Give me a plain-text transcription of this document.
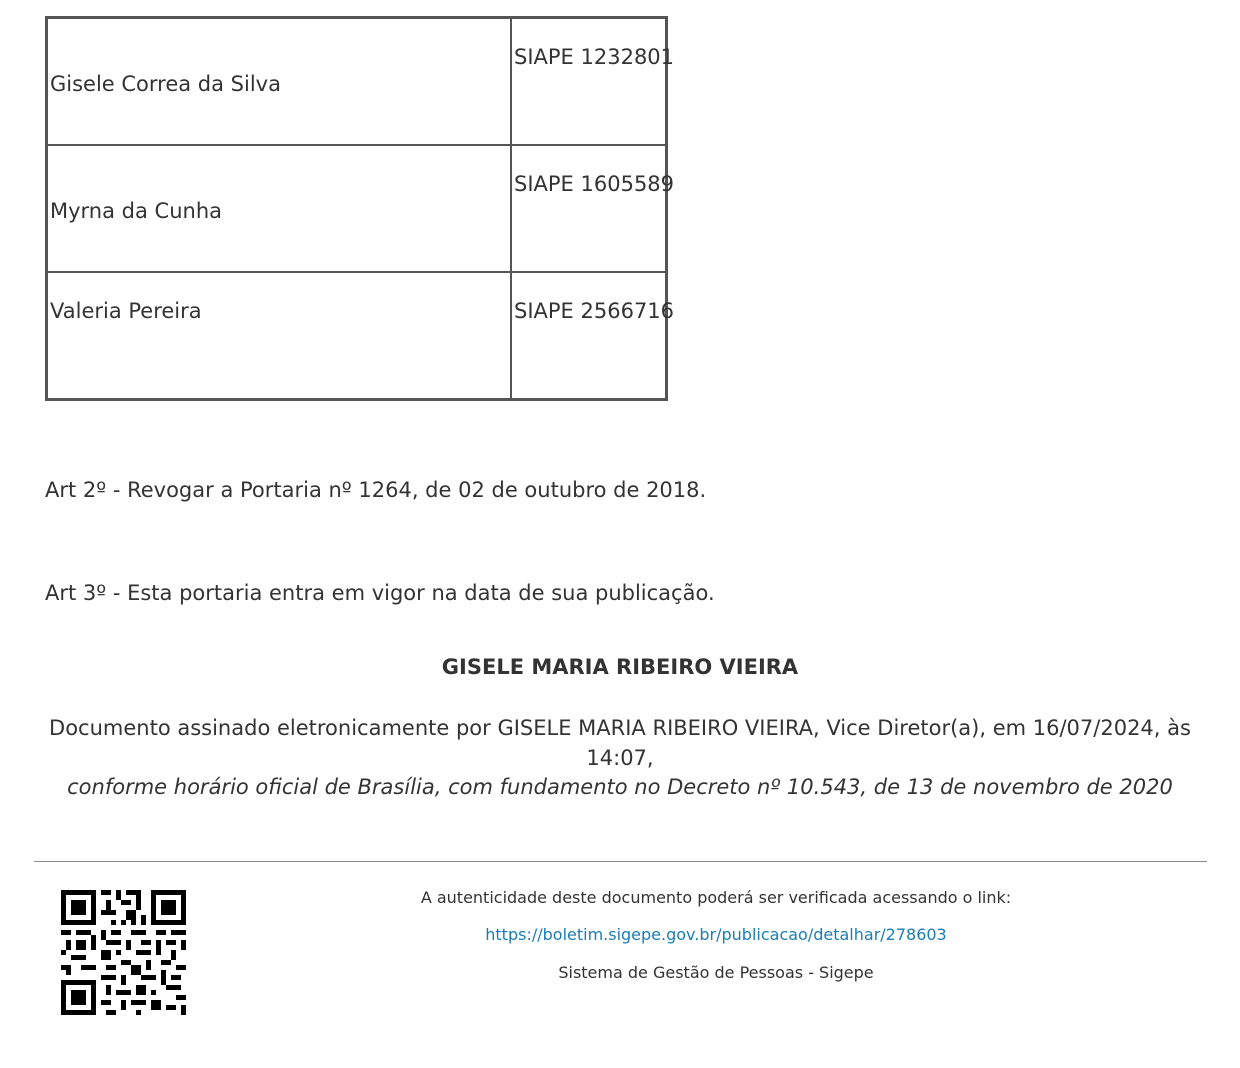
Gisele Correa da Silva	SIAPE 1232801

Myrna da Cunha	SIAPE 1605589

Valeria Pereira	SIAPE 2566716
Art 2º - Revogar a Portaria nº 1264, de 02 de outubro de 2018.
Art 3º - Esta portaria entra em vigor na data de sua publicação.
GISELE MARIA RIBEIRO VIEIRA
Documento assinado eletronicamente por GISELE MARIA RIBEIRO VIEIRA, Vice Diretor(a), em 16/07/2024, às 14:07,
conforme horário oficial de Brasília, com fundamento no Decreto nº 10.543, de 13 de novembro de 2020
A autenticidade deste documento poderá ser verificada acessando o link:
https://boletim.sigepe.gov.br/publicacao/detalhar/278603
Sistema de Gestão de Pessoas - Sigepe
